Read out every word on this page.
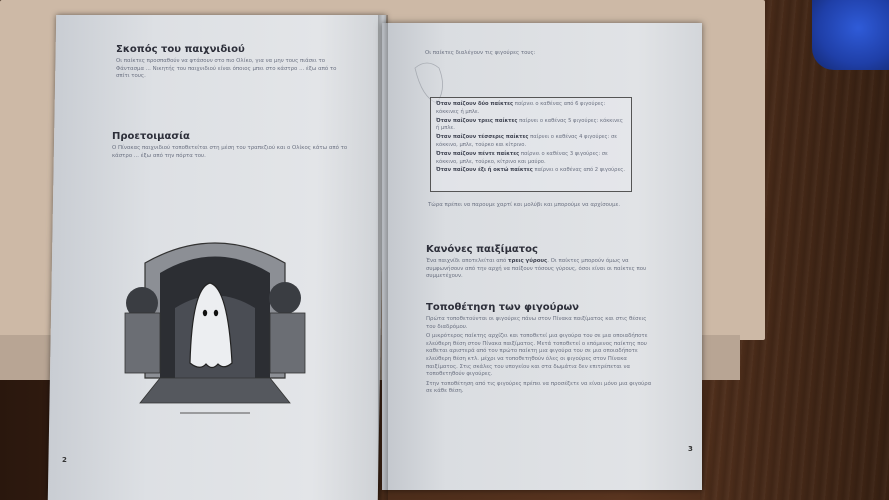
Σκοπός του παιχνιδιού

Οι παίκτες προσπαθούν να φτάσουν στο πιο Ολίκο, για να μην τους πιάσει το Φάντασμα ... Νικητής του παιχνιδιού είναι όποιος μπει στο κάστρο ... έξω από το σπίτι τους.

Προετοιμασία

Ο Πίνακας παιχνιδιού τοποθετείται στη μέση του τραπεζιού και ο Ολίκος κάτω από το κάστρο ... έξω από την πόρτα του.

2
Οι παίκτες διαλέγουν τις φιγούρες τους:
Όταν παίζουν δύο παίκτες παίρνει ο καθένας από 6 φιγούρες: κόκκινες ή μπλε.
Όταν παίζουν τρεις παίκτες παίρνει ο καθένας 5 φιγούρες: κόκκινες ή μπλε.
Όταν παίζουν τέσσερις παίκτες παίρνει ο καθένας 4 φιγούρες: σε κόκκινο, μπλε, τούρκο και κίτρινο.
Όταν παίζουν πέντε παίκτες παίρνει ο καθένας 3 φιγούρες: σε κόκκινο, μπλε, τούρκο, κίτρινο και μαύρο.
Όταν παίζουν έξι ή οκτώ παίκτες παίρνει ο καθένας από 2 φιγούρες.
Τώρα πρέπει να παρουμε χαρτί και μολύβι και μπορούμε να αρχίσουμε.
Κανόνες παιξίματος

Ένα παιχνίδι αποτελείται από τρεις γύρους. Οι παίκτες μπορούν όμως να συμφωνήσουν από την αρχή να παίξουν τόσους γύρους, όσοι είναι οι παίκτες που συμμετέχουν.

Τοποθέτηση των φιγούρων

Πρώτα τοποθετούνται οι φιγούρες πάνω στον Πίνακα παιξίματος και στις θέσεις του διαδρόμου.

Ο μικρότερος παίκτης αρχίζει και τοποθετεί μια φιγούρα του σε μια οποιαδήποτε ελεύθερη θέση στον Πίνακα παιξίματος. Μετά τοποθετεί ο επόμενος παίκτης που καθεται αριστερά από τον πρώτο παίκτη μια φιγούρα του σε μια οποιαδήποτε ελεύθερη θέση κτλ. μέχρι να τοποθετηθούν όλες οι φιγούρες στον Πίνακα παιξίματος. Στις σκάλες του υπογείου και στα δωμάτια δεν επιτρέπεται να τοποθετηθούν φιγούρες.

Στην τοποθέτηση από τις φιγούρες πρέπει να προσέξετε να είναι μόνο μια φιγούρα σε κάθε θέση.

3
